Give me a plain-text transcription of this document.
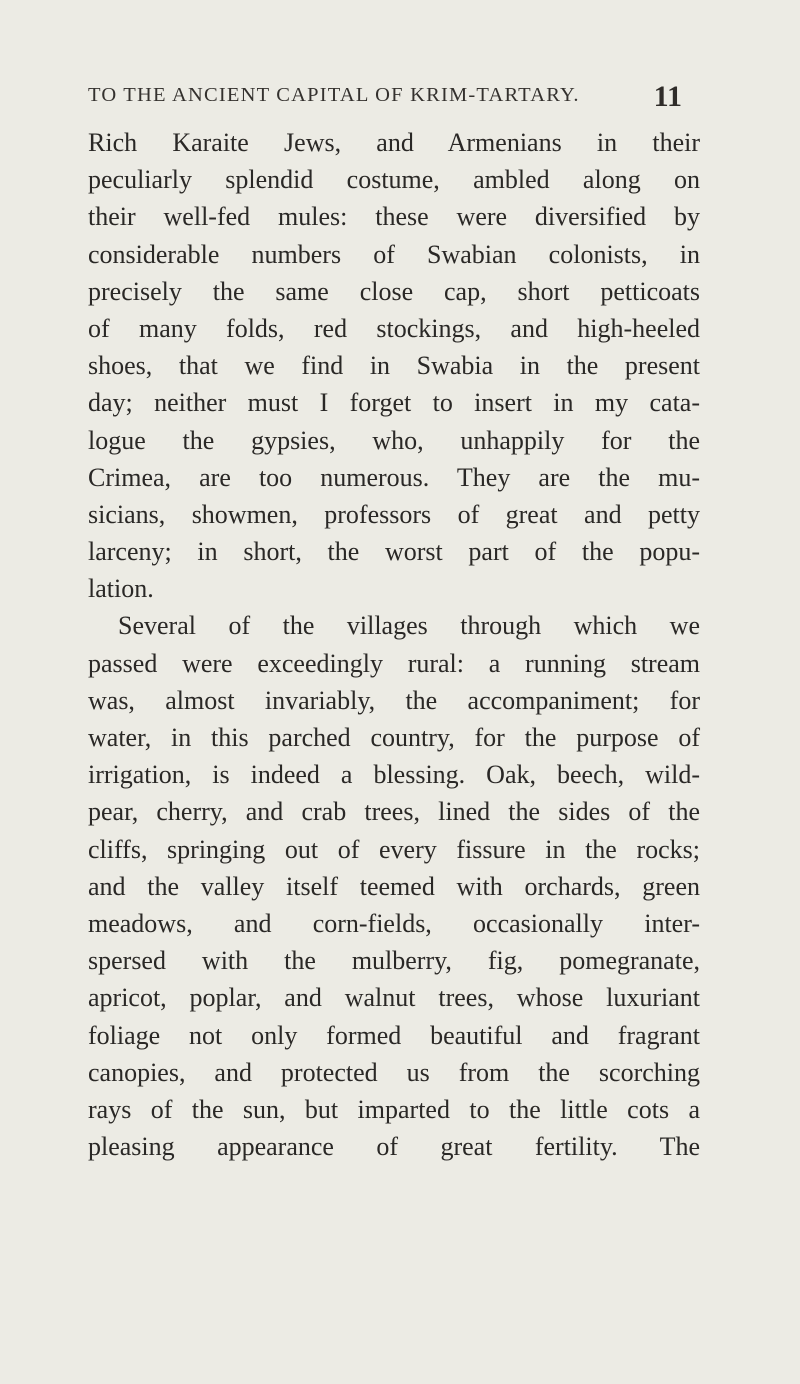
TO THE ANCIENT CAPITAL OF KRIM-TARTARY. 11
Rich Karaite Jews, and Armenians in their
peculiarly splendid costume, ambled along on
their well-fed mules: these were diversified by
considerable numbers of Swabian colonists, in
precisely the same close cap, short petticoats
of many folds, red stockings, and high-heeled
shoes, that we find in Swabia in the present
day; neither must I forget to insert in my cata-
logue the gypsies, who, unhappily for the
Crimea, are too numerous. They are the mu-
sicians, showmen, professors of great and petty
larceny; in short, the worst part of the popu-
lation.
Several of the villages through which we
passed were exceedingly rural: a running stream
was, almost invariably, the accompaniment; for
water, in this parched country, for the purpose of
irrigation, is indeed a blessing. Oak, beech, wild-
pear, cherry, and crab trees, lined the sides of the
cliffs, springing out of every fissure in the rocks;
and the valley itself teemed with orchards, green
meadows, and corn-fields, occasionally inter-
spersed with the mulberry, fig, pomegranate,
apricot, poplar, and walnut trees, whose luxuriant
foliage not only formed beautiful and fragrant
canopies, and protected us from the scorching
rays of the sun, but imparted to the little cots a
pleasing appearance of great fertility. The
